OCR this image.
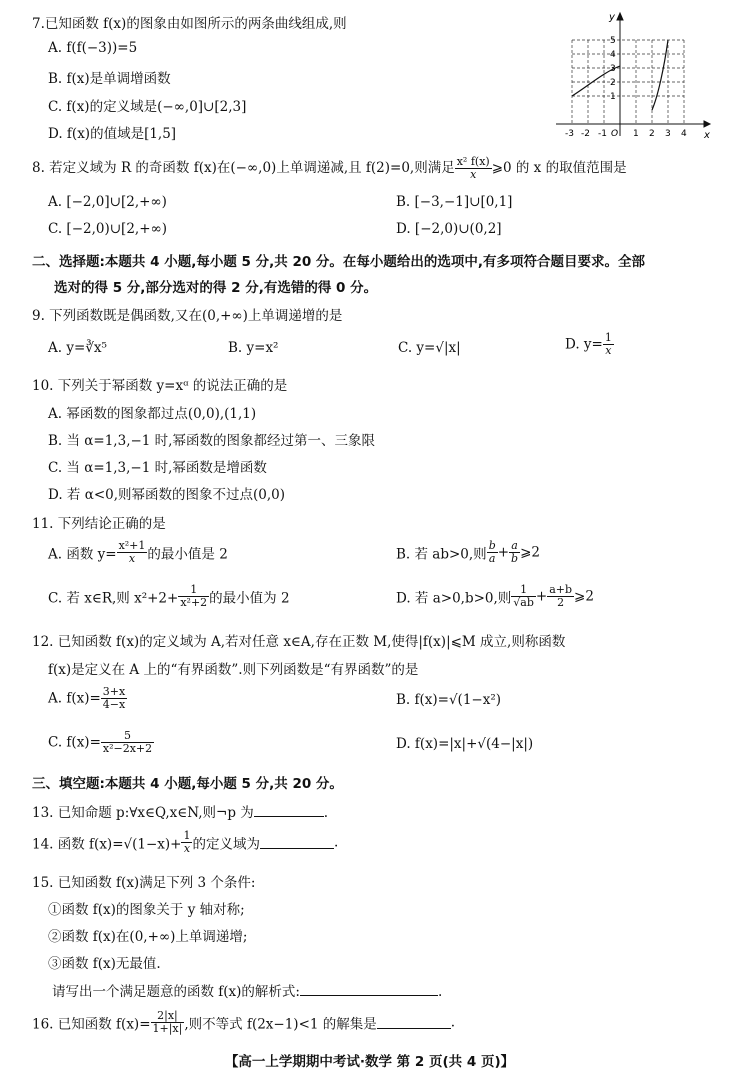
7.已知函数 f(x)的图象由如图所示的两条曲线组成,则
A. f(f(−3))=5
B. f(x)是单调增函数
C. f(x)的定义域是(−∞,0]∪[2,3]
D. f(x)的值域是[1,5]
y
x
5
4
3
2
1
-3 -2 -1 O 1 2 3 4
8. 若定义域为 R 的奇函数 f(x)在(−∞,0)上单调递减,且 f(2)=0,则满足 $\frac{\text{x² f(x)}}{x}$ ⩾0 的 x 的取值范围是
A. [−2,0]∪[2,+∞)	B. [−3,−1]∪[0,1]
C. [−2,0)∪[2,+∞)	D. [−2,0)∪(0,2]
二、选择题:本题共 4 小题,每小题 5 分,共 20 分。在每小题给出的选项中,有多项符合题目要求。全部
选对的得 5 分,部分选对的得 2 分,有选错的得 0 分。
9. 下列函数既是偶函数,又在(0,+∞)上单调递增的是
A. y=∛x⁵	B. y=x²	C. y=√|x|	D. $y= \frac{1}{x}$
10. 下列关于幂函数 y=xᵅ 的说法正确的是
A. 幂函数的图象都过点(0,0),(1,1)
B. 当 α=1,3,−1 时,幂函数的图象都经过第一、三象限
C. 当 α=1,3,−1 时,幂函数是增函数
D. 若 α<0,则幂函数的图象不过点(0,0)
11. 下列结论正确的是
A. 函数 $y= \frac{\text{x²+1}}{x}$ 的最小值是 2	B. 若 ab>0,则 $\frac{b}{a} + \frac{a}{b}$ ⩾2
C. 若 x∈R,则 $x^2+2+ \frac{1}{\text{x²+2}}$ 的最小值为 2	D. 若 a>0,b>0,则 $\frac{1}{√ab} + \frac{a+b}{2}$ ⩾2
12. 已知函数 f(x)的定义域为 A,若对任意 x∈A,存在正数 M,使得|f(x)|⩽M 成立,则称函数
f(x)是定义在 A 上的“有界函数”.则下列函数是“有界函数”的是
A. $f(x)= \frac{3+x}{4-x}$	B. f(x)=√(1−x²)
C. $f(x)= \frac{5}{\text{x²−2x+2}}$	D. f(x)=|x|+√(4−|x|)
三、填空题:本题共 4 小题,每小题 5 分,共 20 分。
13. 已知命题 p:∀x∈Q,x∈N,则¬p 为	.
14. 函数 $f(x)=√(1-x)+ \frac{1}{x}$ 的定义域为	.
15. 已知函数 f(x)满足下列 3 个条件:
①函数 f(x)的图象关于 y 轴对称;
②函数 f(x)在(0,+∞)上单调递增;
③函数 f(x)无最值.
请写出一个满足题意的函数 f(x)的解析式:	.
16. 已知函数 $f(x)= \frac{2|x|}{1+|x|}$ ,则不等式 f(2x−1)<1 的解集是	.
【高一上学期期中考试·数学 第 2 页(共 4 页)】
